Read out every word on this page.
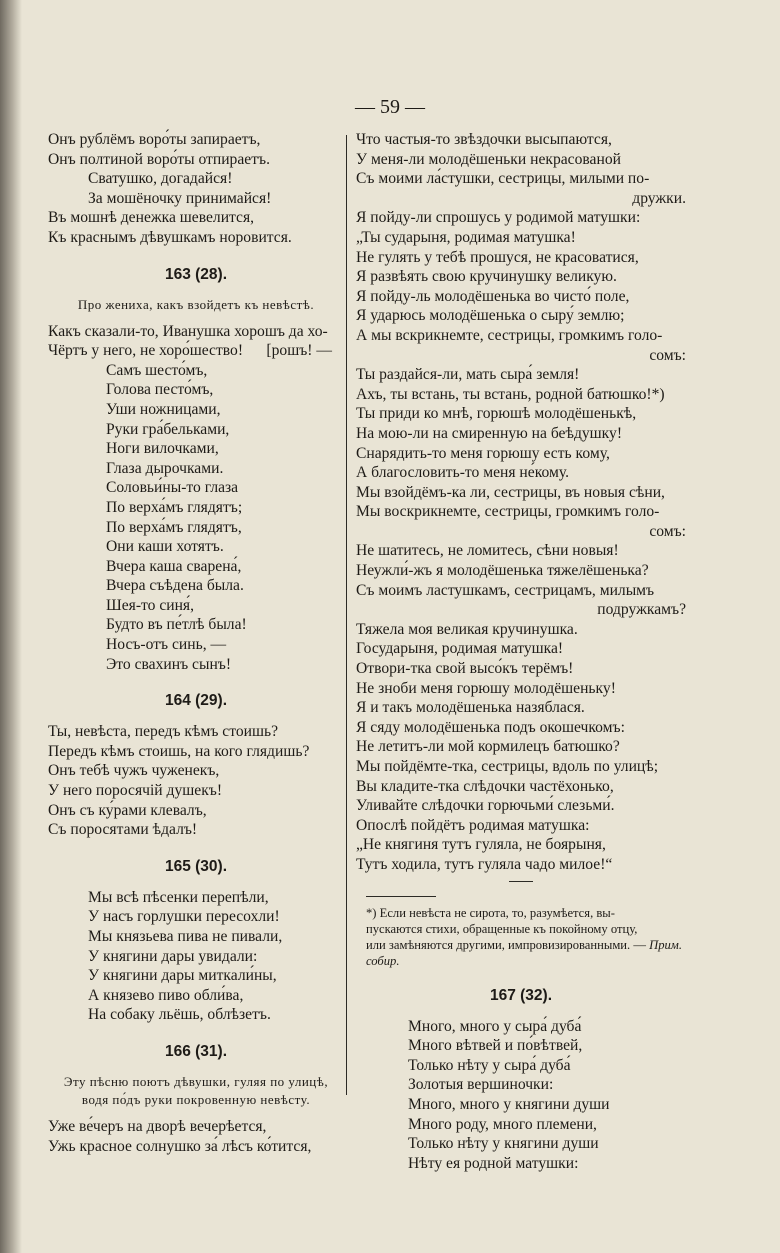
— 59 —
Онъ рублёмъ воро́ты запираетъ,
Онъ полтиной воро́ты отпираетъ.
Сватушко, догадайся!
За мошёночку принимайся!
Въ мошнѣ денежка шевелится,
Къ краснымъ дѣвушкамъ норовится.
163 (28).
Про женихa, какъ взойдетъ къ невѣстѣ.
Какъ сказали-то, Иванушка хорошъ да хо-
Чёртъ у него, не хоро́шество!      [рошъ! —
Самъ шесто́мъ,
Голова песто́мъ,
Уши ножницами,
Руки гра́бельками,
Ноги вилочками,
Глаза дырочками.
Соловьи́ны-то глаза
По верха́мъ глядятъ;
По верха́мъ глядятъ,
Они каши хотятъ.
Вчера каша сварена́,
Вчера съѣдена была.
Шея-то синя́,
Будто въ пе́тлѣ была!
Носъ-отъ синь, —
Это свахинъ сынъ!
164 (29).
Ты, невѣста, передъ кѣмъ стоишь?
Передъ кѣмъ стоишь, на кого глядишь?
Онъ тебѣ чужъ чуженекъ,
У него поросячій душекъ!
Онъ съ ку́рами клевалъ,
Съ поросятами ѣдалъ!
165 (30).
Мы всѣ пѣсенки перепѣли,
У насъ горлушки пересохли!
Мы князьева пива не пивали,
У княгини дары увидали:
У княгини дары миткали́ны,
А князево пиво обли́ва,
На собаку льёшь, облѣзетъ.
166 (31).
Эту пѣсню поютъ дѣвушки, гуляя по улицѣ,
водя по́дъ руки покровенную невѣсту.
Уже ве́черъ на дворѣ вечерѣется,
Ужь красное солнушко за́ лѣсъ ко́тится,
Что частыя-то звѣздочки высыпаются,
У меня-ли молодёшеньки некрасованой
Съ моими ла́стушки, сестрицы, милыми по-
дружки.
Я пойду-ли спрошусь у родимой матушки:
„Ты сударыня, родимая матушка!
Не гулять у тебѣ прошуся, не красоватися,
Я развѣять свою кручинушку великую.
Я пойду-ль молодёшенька во чисто́ поле,
Я ударюсь молодёшенька о сыру́ землю;
А мы вскрикнемте, сестрицы, громкимъ голо-
сомъ:
Ты раздайся-ли, мать сыра́ земля!
Ахъ, ты встань, ты встань, родной батюшко!*)
Ты приди ко мнѣ, горюшѣ молодёшенькѣ,
На мою-ли на смиренную на беѣдушку!
Снарядить-то меня горюшу есть кому,
А благословить-то меня не́кому.
Мы взойдёмъ-ка ли, сестрицы, въ новыя сѣни,
Мы воскрикнемте, сестрицы, громкимъ голо-
сомъ:
Не шатитесь, не ломитесь, сѣни новыя!
Неужли́-жъ я молодёшенька тяжелёшенька?
Съ моимъ ластушкамъ, сестрицамъ, милымъ
подружкамъ?
Тяжела моя великая кручинушка.
Государыня, родимая матушка!
Отвори-тка свой высо́къ терёмъ!
Не зноби меня горюшу молодёшеньку!
Я и такъ молодёшенька назяблася.
Я сяду молодёшенька подъ окошечкомъ:
Не летитъ-ли мой кормилецъ батюшко?
Мы пойдёмте-тка, сестрицы, вдоль по улицѣ;
Вы кладите-тка слѣдочки частёхонько,
Уливайте слѣдочки горючьми́ слезьми́.
Опослѣ пойдётъ родимая матушка:
„Не княгиня тутъ гуляла, не боярыня,
Тутъ ходила, тутъ гуляла чадо милое!“
*) Если невѣста не сирота, то, разумѣется, вы-
пускаются стихи, обращенные къ покойному отцу,
или замѣняются другими, импровизированными. — Прим. собир.
167 (32).
Много, много у сыра́ дуба́
Много вѣтвей и по́вѣтвей,
Только нѣту у сыра́ дуба́
Золотыя вершиночки:
Много, много у княгини души
Много роду, много племени,
Только нѣту у княгини души
Нѣту ея родной матушки:
